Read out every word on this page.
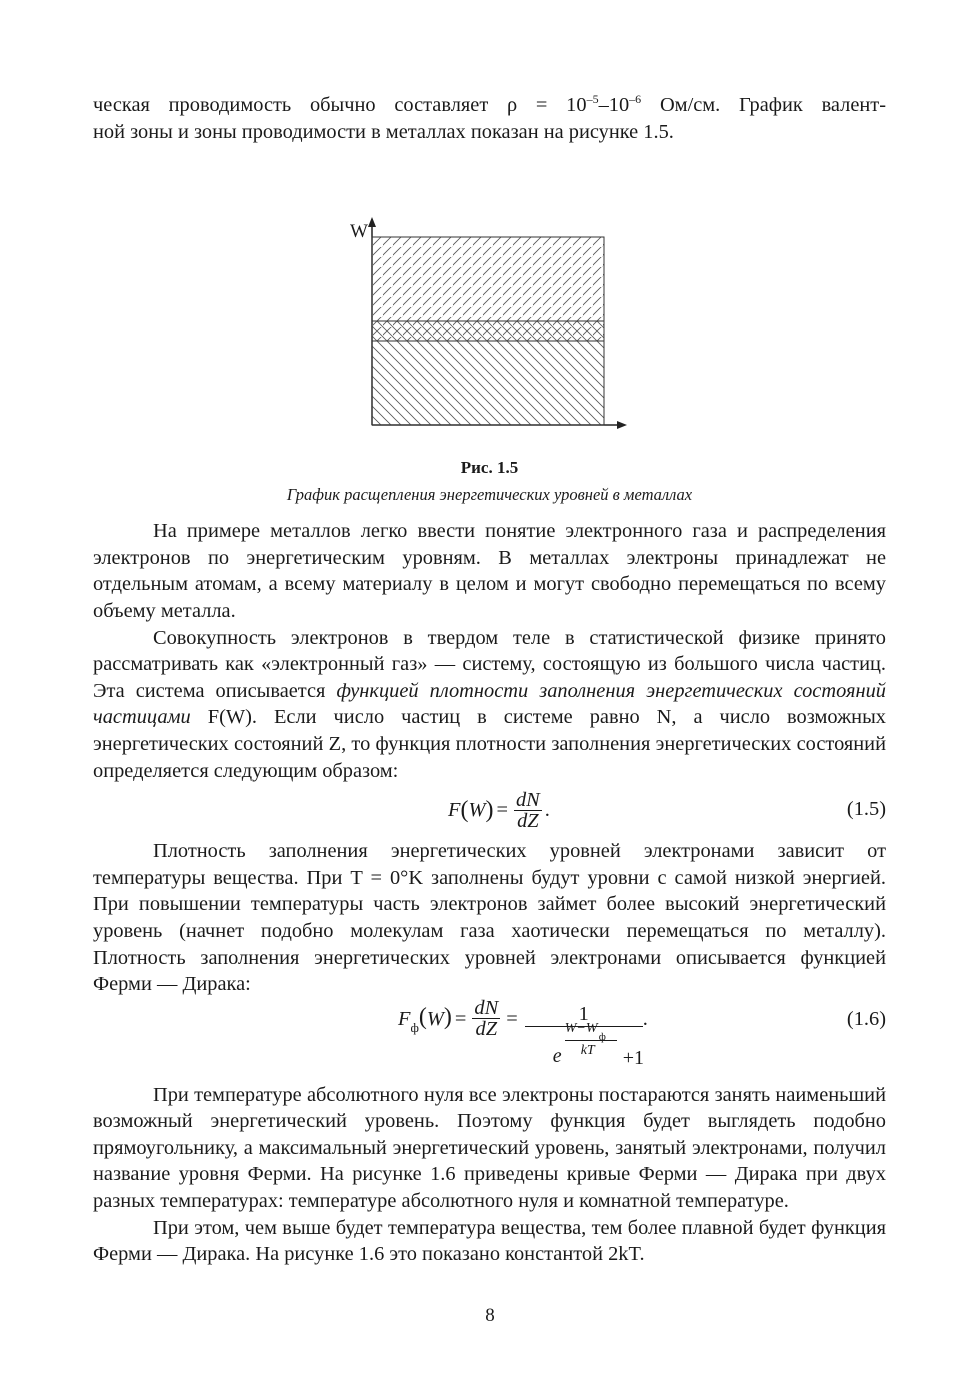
ческая проводимость обычно составляет $\rho = 10^{-5}-10^{-6}$ Ом/см. График валент-

ной зоны и зоны проводимости в металлах показан на рисунке 1.5.

W
Рис. 1.5
График расщепления энергетических уровней в металлах

На примере металлов легко ввести понятие электронного газа и распределения электронов по энергетическим уровням. В металлах электроны принадлежат не отдельным атомам, а всему материалу в целом и могут свободно перемещаться по всему объему металла.

Совокупность электронов в твердом теле в статистической физике принято рассматривать как «электронный газ» — систему, состоящую из большого числа частиц. Эта система описывается функцией плотности заполнения энергетических состояний частицами F(W). Если число частиц в системе равно N, а число возможных энергетических состояний Z, то функция плотности заполнения энергетических состояний определяется следующим образом:

F ( W ) = $\frac{dN}{dZ}$ .	(1.5)

Плотность заполнения энергетических уровней электронами зависит от температуры вещества. При T = 0°K заполнены будут уровни с самой низкой энергией. При повышении температуры часть электронов займет более высокий энергетический уровень (начнет подобно молекулам газа хаотически перемещаться по металлу). Плотность заполнения энергетических уровней электронами описывается функцией Ферми — Дирака:

F ф ( W ) = $\frac{dN}{dZ} = 1$
e
W−W
ф
kT +1 .	(1.6)

При температуре абсолютного нуля все электроны постараются занять наименьший возможный энергетический уровень. Поэтому функция будет выглядеть подобно прямоугольнику, а максимальный энергетический уровень, занятый электронами, получил название уровня Ферми. На рисунке 1.6 приведены кривые Ферми — Дирака при двух разных температурах: температуре абсолютного нуля и комнатной температуре.

При этом, чем выше будет температура вещества, тем более плавной будет функция Ферми — Дирака. На рисунке 1.6 это показано константой 2kT.

8
